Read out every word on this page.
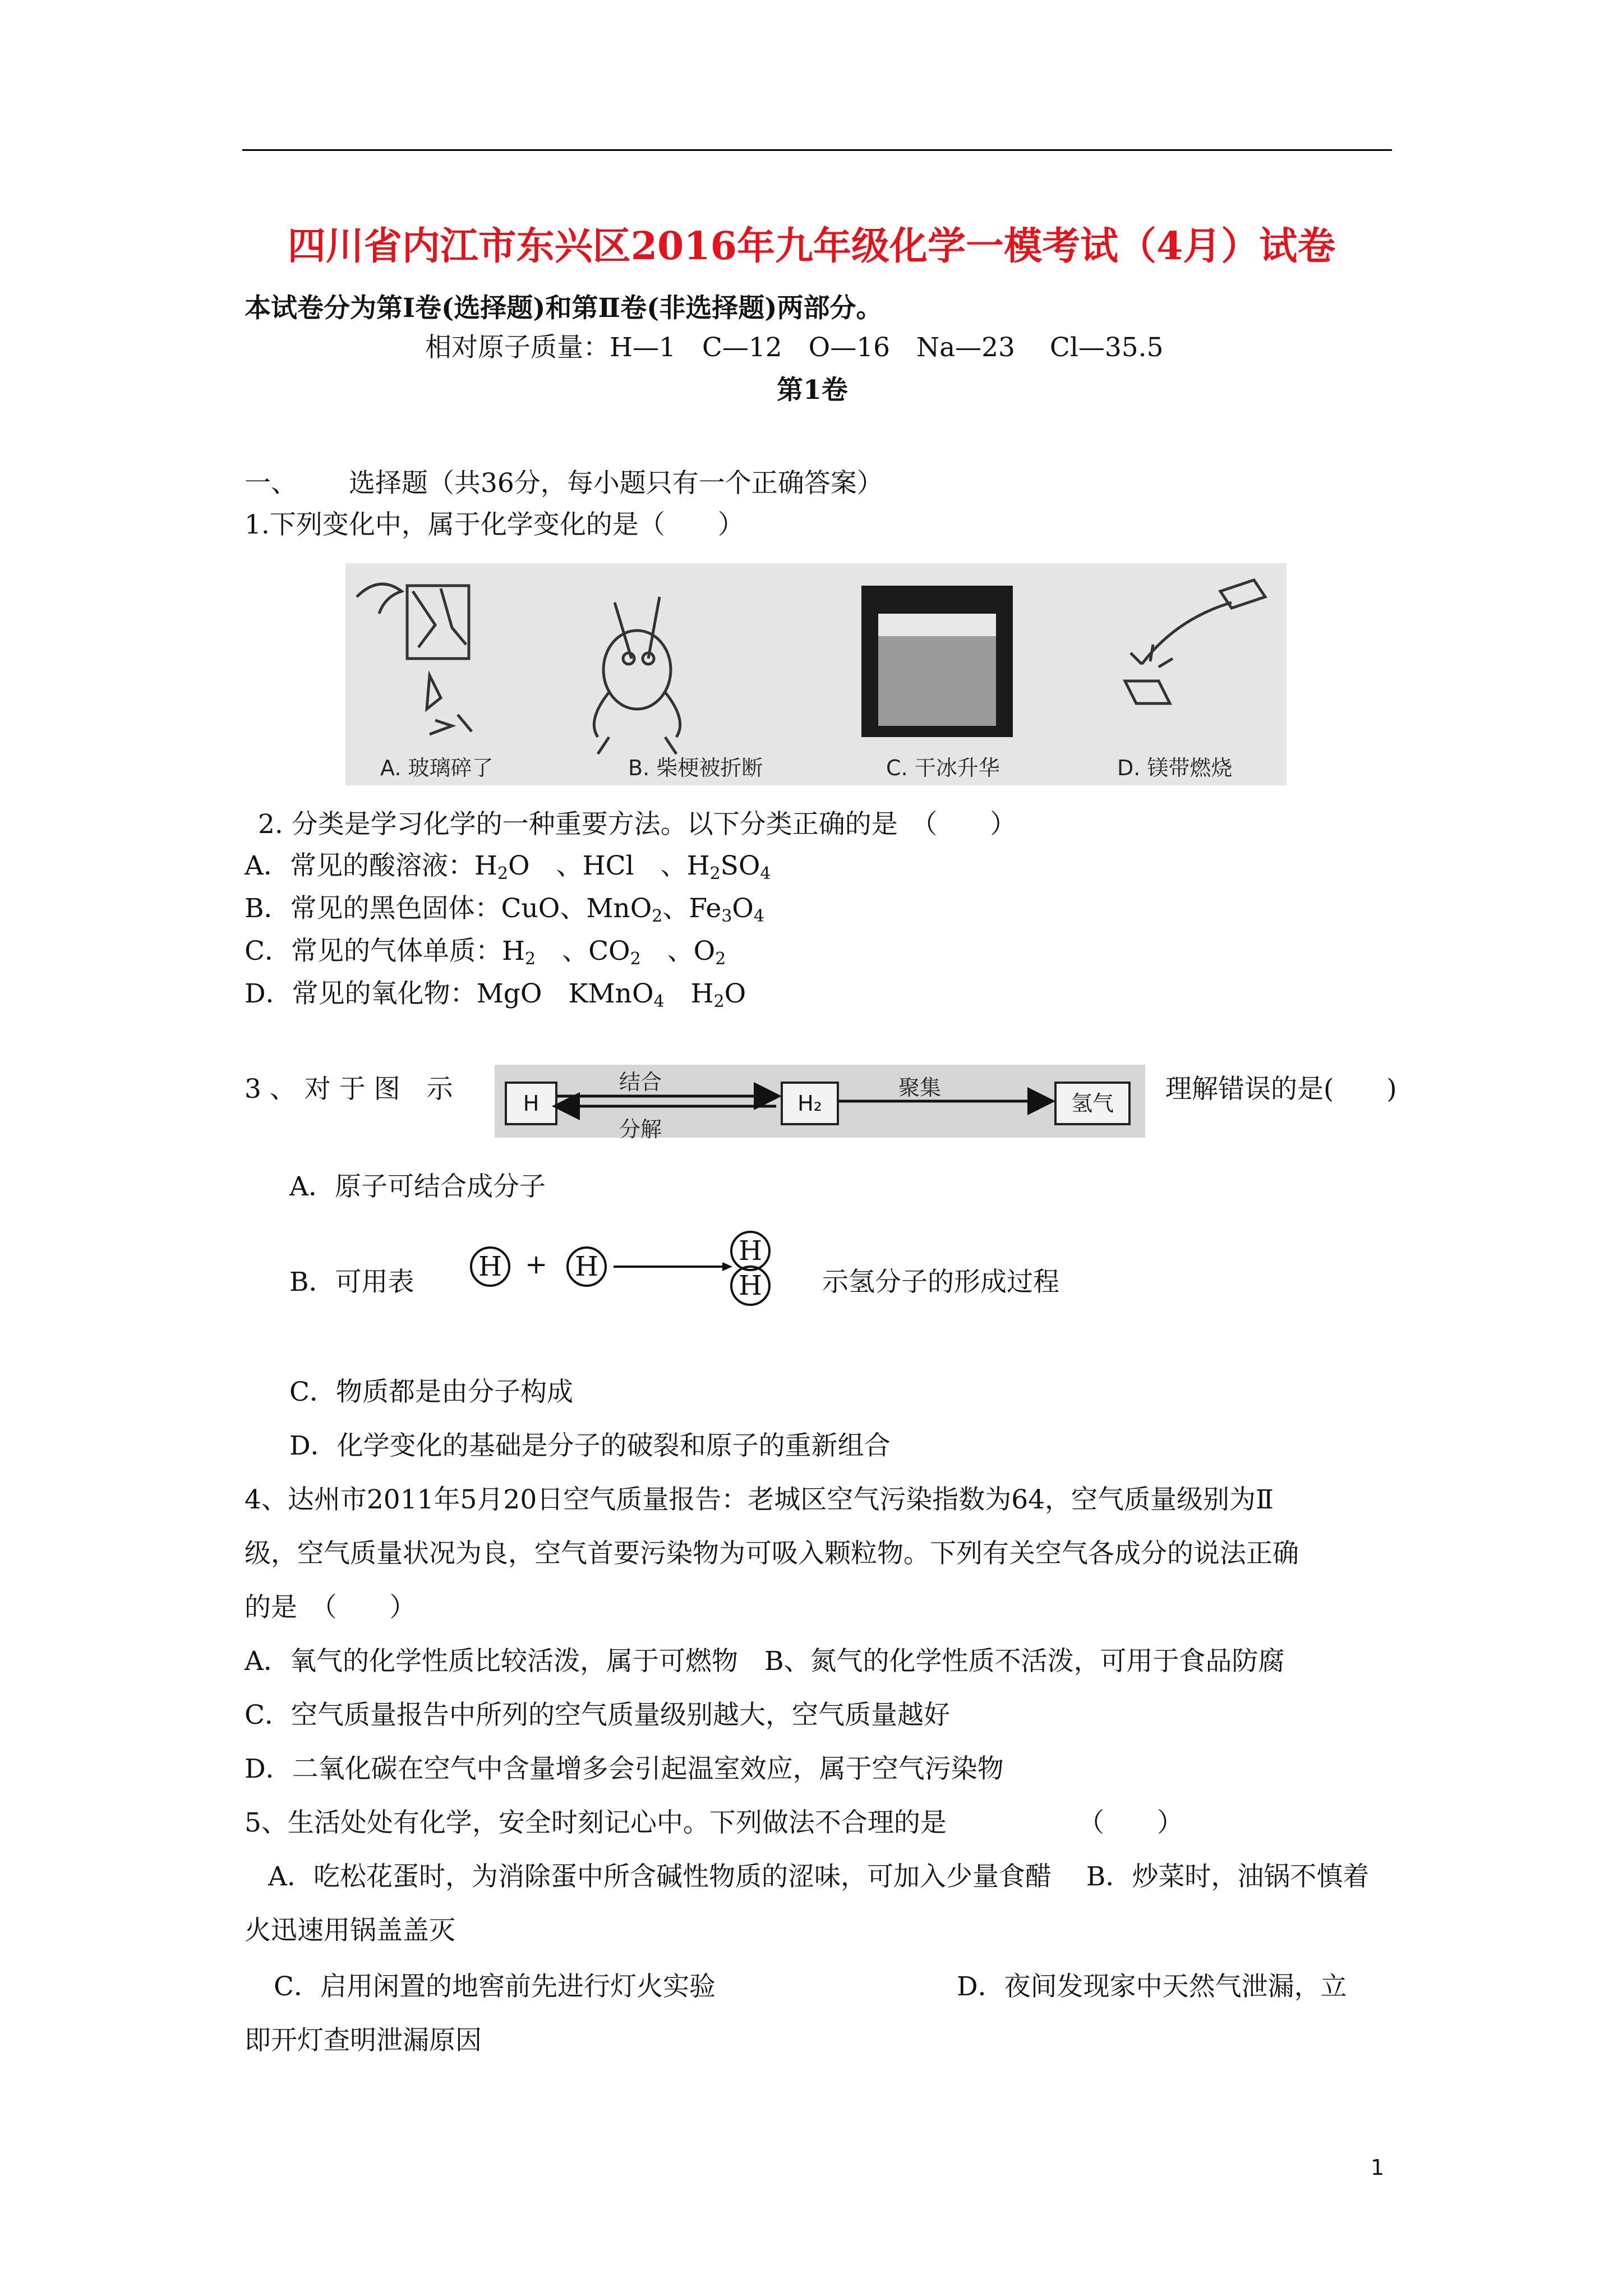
四川省内江市东兴区2016年九年级化学一模考试（4月）试卷
本试卷分为第Ⅰ卷(选择题)和第Ⅱ卷(非选择题)两部分。
相对原子质量：H—1　C—12　O—16　Na—23　 Cl—35.5
第1卷
一、 选择题（共36分，每小题只有一个正确答案）
1.下列变化中，属于化学变化的是（　　）
A. 玻璃碎了	B. 柴梗被折断	C. 干冰升华	D. 镁带燃烧
2. 分类是学习化学的一种重要方法。以下分类正确的是　（　　）
A．常见的酸溶液：$H_2O$　、HCl　、$H_2SO_4$
B．常见的黑色固体：CuO、MnO$_2$、$Fe_3O_4$
C．常见的气体单质：$H_2$　、$CO_2$　、$O_2$
D．常见的氧化物：MgO　 KMnO$_4$　 $H_2O$
3 、 对 于 图　示	H	H₂	氢气
结合
分解
聚集	理解错误的是(　　)
A．原子可结合成分子
B．可用表 H + H	H
H 示氢分子的形成过程
C．物质都是由分子构成
D．化学变化的基础是分子的破裂和原子的重新组合
4、达州市2011年5月20日空气质量报告：老城区空气污染指数为64，空气质量级别为Ⅱ
级，空气质量状况为良，空气首要污染物为可吸入颗粒物。下列有关空气各成分的说法正确
的是　（　　）
A．氧气的化学性质比较活泼，属于可燃物　B、氮气的化学性质不活泼，可用于食品防腐
C．空气质量报告中所列的空气质量级别越大，空气质量越好
D．二氧化碳在空气中含量增多会引起温室效应，属于空气污染物
5、生活处处有化学，安全时刻记心中。下列做法不合理的是	（　　）
A．吃松花蛋时，为消除蛋中所含碱性物质的涩味，可加入少量食醋　 B．炒菜时，油锅不慎着
火迅速用锅盖盖灭
C．启用闲置的地窖前先进行灯火实验	D．夜间发现家中天然气泄漏，立
即开灯查明泄漏原因
1
